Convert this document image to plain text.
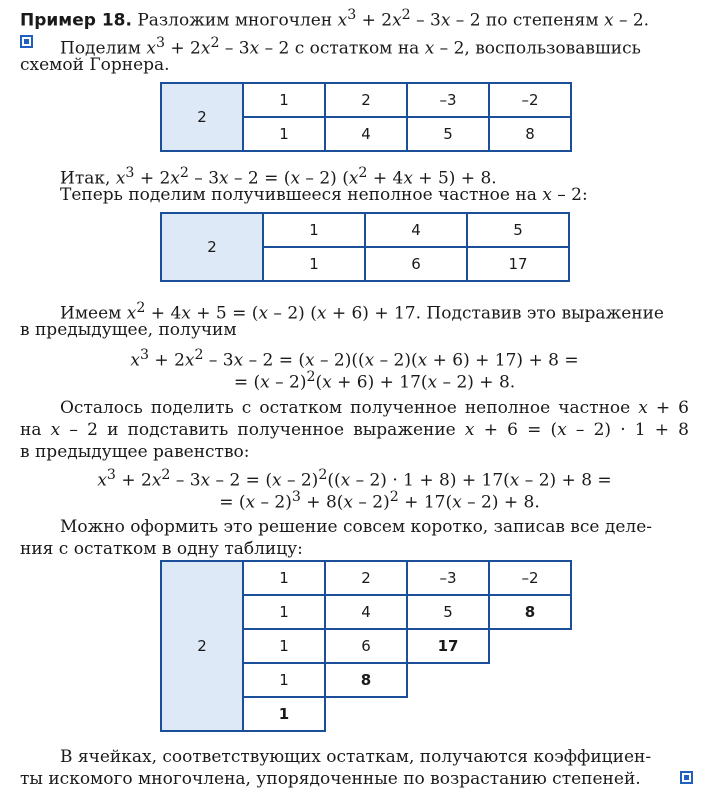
Пример 18. Разложим многочлен $x^3 + 2x^2 - 3x - 2$ по степеням x – 2.
Поделим $x^3 + 2x^2 - 3x - 2$ с остатком на x – 2, воспользовавшись
схемой Горнера.
2	1	2	–3	–2
	1	4	5	8
Итак, $x^3 + 2x^2 - 3x - 2 = (x - 2) (x^2 + 4x + 5) + 8$.
Теперь поделим получившееся неполное частное на x – 2:
2	1	4	5
	1	6	17
Имеем $x^2 + 4x + 5 = (x - 2) (x + 6) + 17$. Подставив это выражение
в предыдущее, получим
$x^3 + 2x^2 - 3x - 2 = (x - 2)((x - 2)(x + 6) + 17) + 8$ =
= (x – 2)$^2$(x + 6) + 17(x – 2) + 8.
Осталось поделить с остатком полученное неполное частное x + 6
на x – 2 и подставить полученное выражение x + 6 = (x – 2) · 1 + 8
в предыдущее равенство:
$x^3 + 2x^2 - 3x - 2 = (x - 2)^2((x - 2) \cdot 1 + 8) + 17(x - 2) + 8$ =
= (x – 2)$^3$ + 8(x – 2)$^2$ + 17(x – 2) + 8.
Можно оформить это решение совсем коротко, записав все деле-
ния с остатком в одну таблицу:
2	1	2	–3	–2
	1	4	5	8
	1	6	17	
	1	8		
	1			
В ячейках, соответствующих остаткам, получаются коэффициен-
ты искомого многочлена, упорядоченные по возрастанию степеней.
